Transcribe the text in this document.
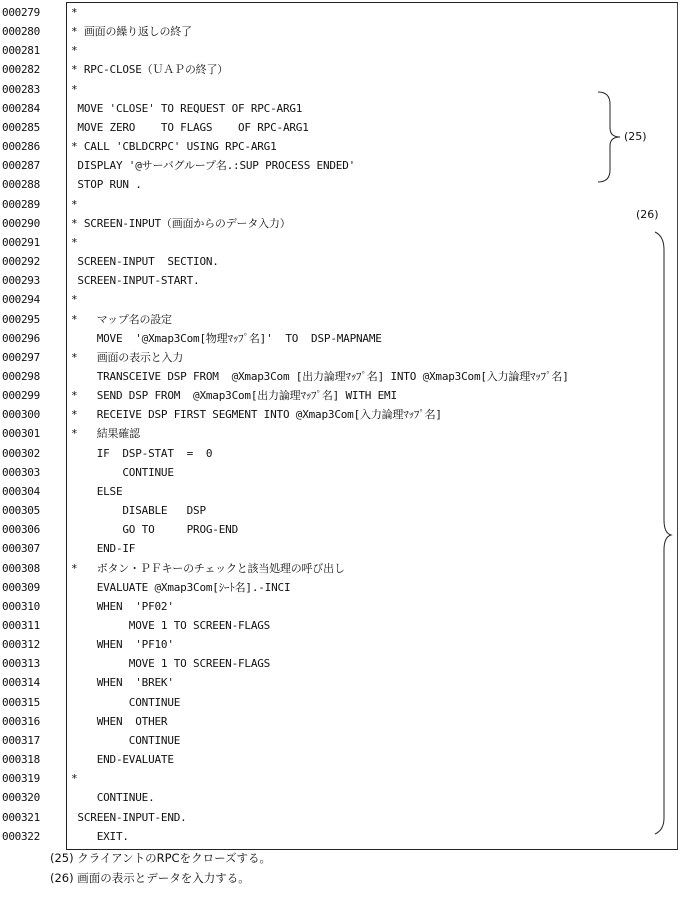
000279	*
000280	* 画面の繰り返しの終了
000281	*
000282	* RPC-CLOSE（ＵＡＰの終了）
000283	*
000284	MOVE 'CLOSE' TO REQUEST OF RPC-ARG1
000285	MOVE ZERO    TO FLAGS    OF RPC-ARG1
000286	* CALL 'CBLDCRPC' USING RPC-ARG1
000287	DISPLAY '@サーバグループ名.:SUP PROCESS ENDED'
000288	STOP RUN .
000289	*
000290	* SCREEN-INPUT（画面からのデータ入力）
000291	*
000292	SCREEN-INPUT  SECTION.
000293	SCREEN-INPUT-START.
000294	*
000295	*   マップ名の設定
000296	MOVE  '@Xmap3Com[物理ﾏｯﾌﾟ名]'  TO  DSP-MAPNAME
000297	*   画面の表示と入力
000298	TRANSCEIVE DSP FROM  @Xmap3Com [出力論理ﾏｯﾌﾟ名] INTO @Xmap3Com[入力論理ﾏｯﾌﾟ名]
000299	*   SEND DSP FROM  @Xmap3Com[出力論理ﾏｯﾌﾟ名] WITH EMI
000300	*   RECEIVE DSP FIRST SEGMENT INTO @Xmap3Com[入力論理ﾏｯﾌﾟ名]
000301	*   結果確認
000302	IF  DSP-STAT  =  0
000303	CONTINUE
000304	ELSE
000305	DISABLE   DSP
000306	GO TO     PROG-END
000307	END-IF
000308	*   ボタン・ＰＦキーのチェックと該当処理の呼び出し
000309	EVALUATE @Xmap3Com[ｼｰﾄ名].-INCI
000310	WHEN  'PF02'
000311	MOVE 1 TO SCREEN-FLAGS
000312	WHEN  'PF10'
000313	MOVE 1 TO SCREEN-FLAGS
000314	WHEN  'BREK'
000315	CONTINUE
000316	WHEN  OTHER
000317	CONTINUE
000318	END-EVALUATE
000319	*
000320	CONTINUE.
000321	SCREEN-INPUT-END.
000322	EXIT.
(25)
(26)
(25) クライアントのRPCをクローズする。
(26) 画面の表示とデータを入力する。
